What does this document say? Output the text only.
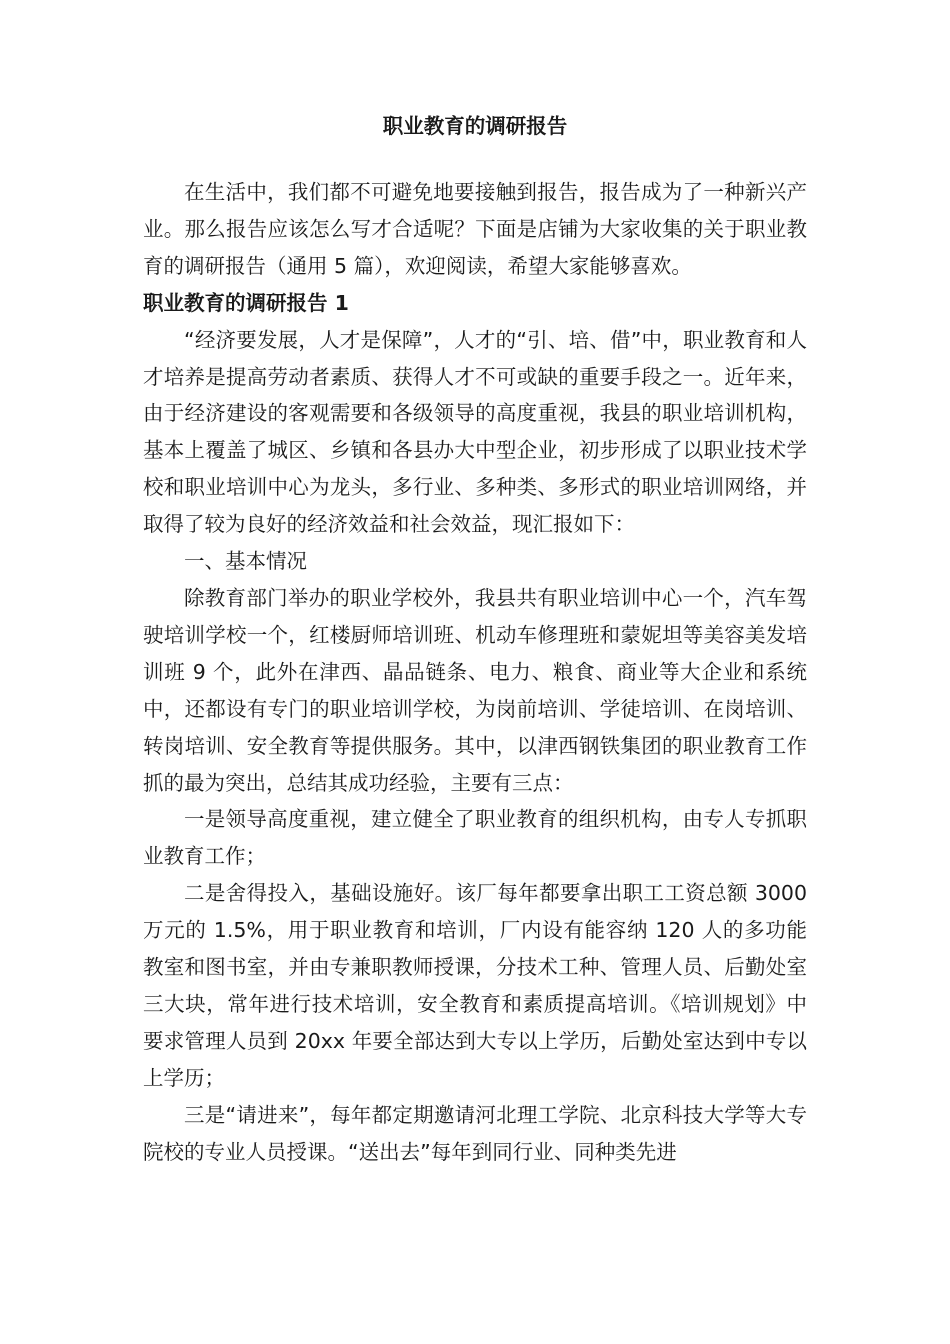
职业教育的调研报告

在生活中，我们都不可避免地要接触到报告，报告成为了一种新兴产业。那么报告应该怎么写才合适呢？下面是店铺为大家收集的关于职业教育的调研报告（通用 5 篇），欢迎阅读，希望大家能够喜欢。

职业教育的调研报告 1

“经济要发展，人才是保障”，人才的“引、培、借”中，职业教育和人才培养是提高劳动者素质、获得人才不可或缺的重要手段之一。近年来，由于经济建设的客观需要和各级领导的高度重视，我县的职业培训机构，基本上覆盖了城区、乡镇和各县办大中型企业，初步形成了以职业技术学校和职业培训中心为龙头，多行业、多种类、多形式的职业培训网络，并取得了较为良好的经济效益和社会效益，现汇报如下：

一、基本情况

除教育部门举办的职业学校外，我县共有职业培训中心一个，汽车驾驶培训学校一个，红楼厨师培训班、机动车修理班和蒙妮坦等美容美发培训班 9 个，此外在津西、晶品链条、电力、粮食、商业等大企业和系统中，还都设有专门的职业培训学校，为岗前培训、学徒培训、在岗培训、转岗培训、安全教育等提供服务。其中，以津西钢铁集团的职业教育工作抓的最为突出，总结其成功经验，主要有三点：

一是领导高度重视，建立健全了职业教育的组织机构，由专人专抓职业教育工作；

二是舍得投入，基础设施好。该厂每年都要拿出职工工资总额 3000 万元的 1.5%，用于职业教育和培训，厂内设有能容纳 120 人的多功能教室和图书室，并由专兼职教师授课，分技术工种、管理人员、后勤处室三大块，常年进行技术培训，安全教育和素质提高培训。《培训规划》中要求管理人员到 20xx 年要全部达到大专以上学历，后勤处室达到中专以上学历；

三是“请进来”，每年都定期邀请河北理工学院、北京科技大学等大专院校的专业人员授课。“送出去”每年到同行业、同种类先进
